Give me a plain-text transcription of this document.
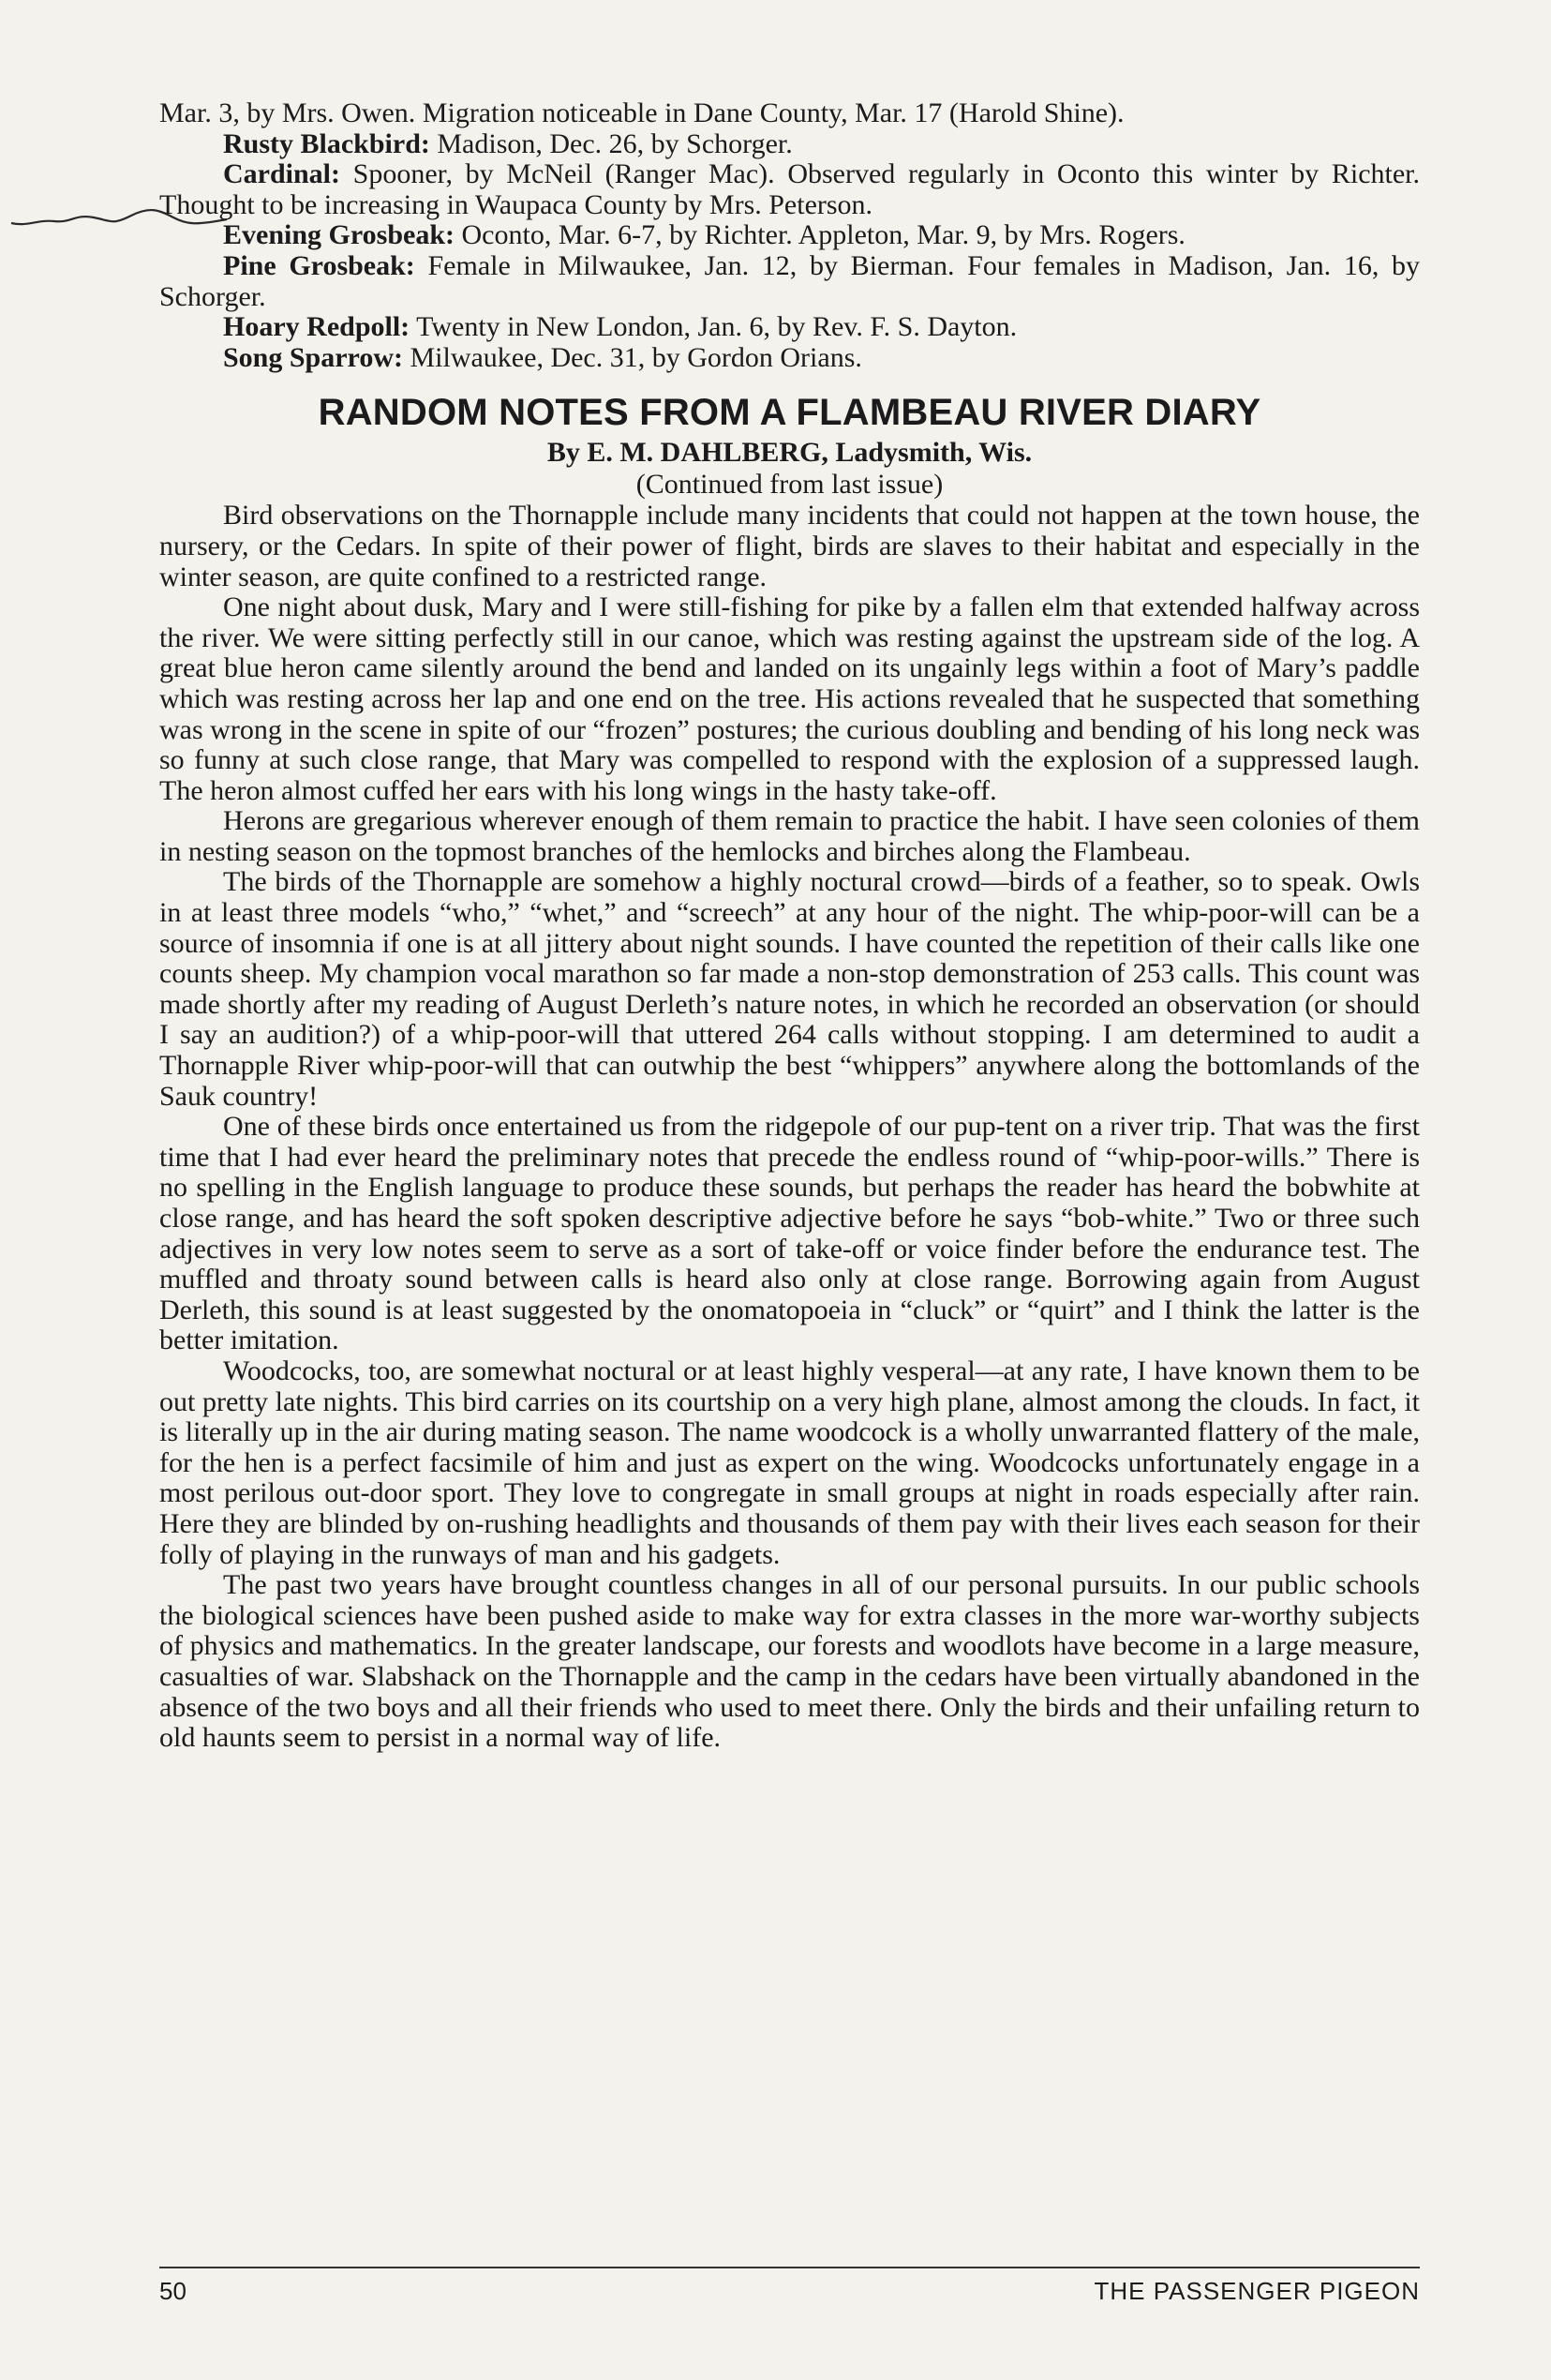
Mar. 3, by Mrs. Owen. Migration noticeable in Dane County, Mar. 17 (Harold Shine).

Rusty Blackbird: Madison, Dec. 26, by Schorger.

Cardinal: Spooner, by McNeil (Ranger Mac). Observed regularly in Oconto this winter by Richter. Thought to be increasing in Waupaca County by Mrs. Peterson.

Evening Grosbeak: Oconto, Mar. 6-7, by Richter. Appleton, Mar. 9, by Mrs. Rogers.

Pine Grosbeak: Female in Milwaukee, Jan. 12, by Bierman. Four females in Madison, Jan. 16, by Schorger.

Hoary Redpoll: Twenty in New London, Jan. 6, by Rev. F. S. Dayton.

Song Sparrow: Milwaukee, Dec. 31, by Gordon Orians.

RANDOM NOTES FROM A FLAMBEAU RIVER DIARY
By E. M. DAHLBERG, Ladysmith, Wis.
(Continued from last issue)

Bird observations on the Thornapple include many incidents that could not happen at the town house, the nursery, or the Cedars. In spite of their power of flight, birds are slaves to their habitat and especially in the winter season, are quite confined to a restricted range.

One night about dusk, Mary and I were still-fishing for pike by a fallen elm that extended halfway across the river. We were sitting perfectly still in our canoe, which was resting against the upstream side of the log. A great blue heron came silently around the bend and landed on its ungainly legs within a foot of Mary’s paddle which was resting across her lap and one end on the tree. His actions revealed that he suspected that something was wrong in the scene in spite of our “frozen” postures; the curious doubling and bending of his long neck was so funny at such close range, that Mary was compelled to respond with the explosion of a suppressed laugh. The heron almost cuffed her ears with his long wings in the hasty take-off.

Herons are gregarious wherever enough of them remain to practice the habit. I have seen colonies of them in nesting season on the topmost branches of the hemlocks and birches along the Flambeau.

The birds of the Thornapple are somehow a highly noctural crowd—birds of a feather, so to speak. Owls in at least three models “who,” “whet,” and “screech” at any hour of the night. The whip-poor-will can be a source of insomnia if one is at all jittery about night sounds. I have counted the repetition of their calls like one counts sheep. My champion vocal marathon so far made a non-stop demonstration of 253 calls. This count was made shortly after my reading of August Derleth’s nature notes, in which he recorded an observation (or should I say an audition?) of a whip-poor-will that uttered 264 calls without stopping. I am determined to audit a Thornapple River whip-poor-will that can outwhip the best “whippers” anywhere along the bottomlands of the Sauk country!

One of these birds once entertained us from the ridgepole of our pup-tent on a river trip. That was the first time that I had ever heard the preliminary notes that precede the endless round of “whip-poor-wills.” There is no spelling in the English language to produce these sounds, but perhaps the reader has heard the bobwhite at close range, and has heard the soft spoken descriptive adjective before he says “bob-white.” Two or three such adjectives in very low notes seem to serve as a sort of take-off or voice finder before the endurance test. The muffled and throaty sound between calls is heard also only at close range. Borrowing again from August Derleth, this sound is at least suggested by the onomatopoeia in “cluck” or “quirt” and I think the latter is the better imitation.

Woodcocks, too, are somewhat noctural or at least highly vesperal—at any rate, I have known them to be out pretty late nights. This bird carries on its courtship on a very high plane, almost among the clouds. In fact, it is literally up in the air during mating season. The name woodcock is a wholly unwarranted flattery of the male, for the hen is a perfect facsimile of him and just as expert on the wing. Woodcocks unfortunately engage in a most perilous out-door sport. They love to congregate in small groups at night in roads especially after rain. Here they are blinded by on-rushing headlights and thousands of them pay with their lives each season for their folly of playing in the runways of man and his gadgets.

The past two years have brought countless changes in all of our personal pursuits. In our public schools the biological sciences have been pushed aside to make way for extra classes in the more war-worthy subjects of physics and mathematics. In the greater landscape, our forests and woodlots have become in a large measure, casualties of war. Slabshack on the Thornapple and the camp in the cedars have been virtually abandoned in the absence of the two boys and all their friends who used to meet there. Only the birds and their unfailing return to old haunts seem to persist in a normal way of life.

50	THE PASSENGER PIGEON
